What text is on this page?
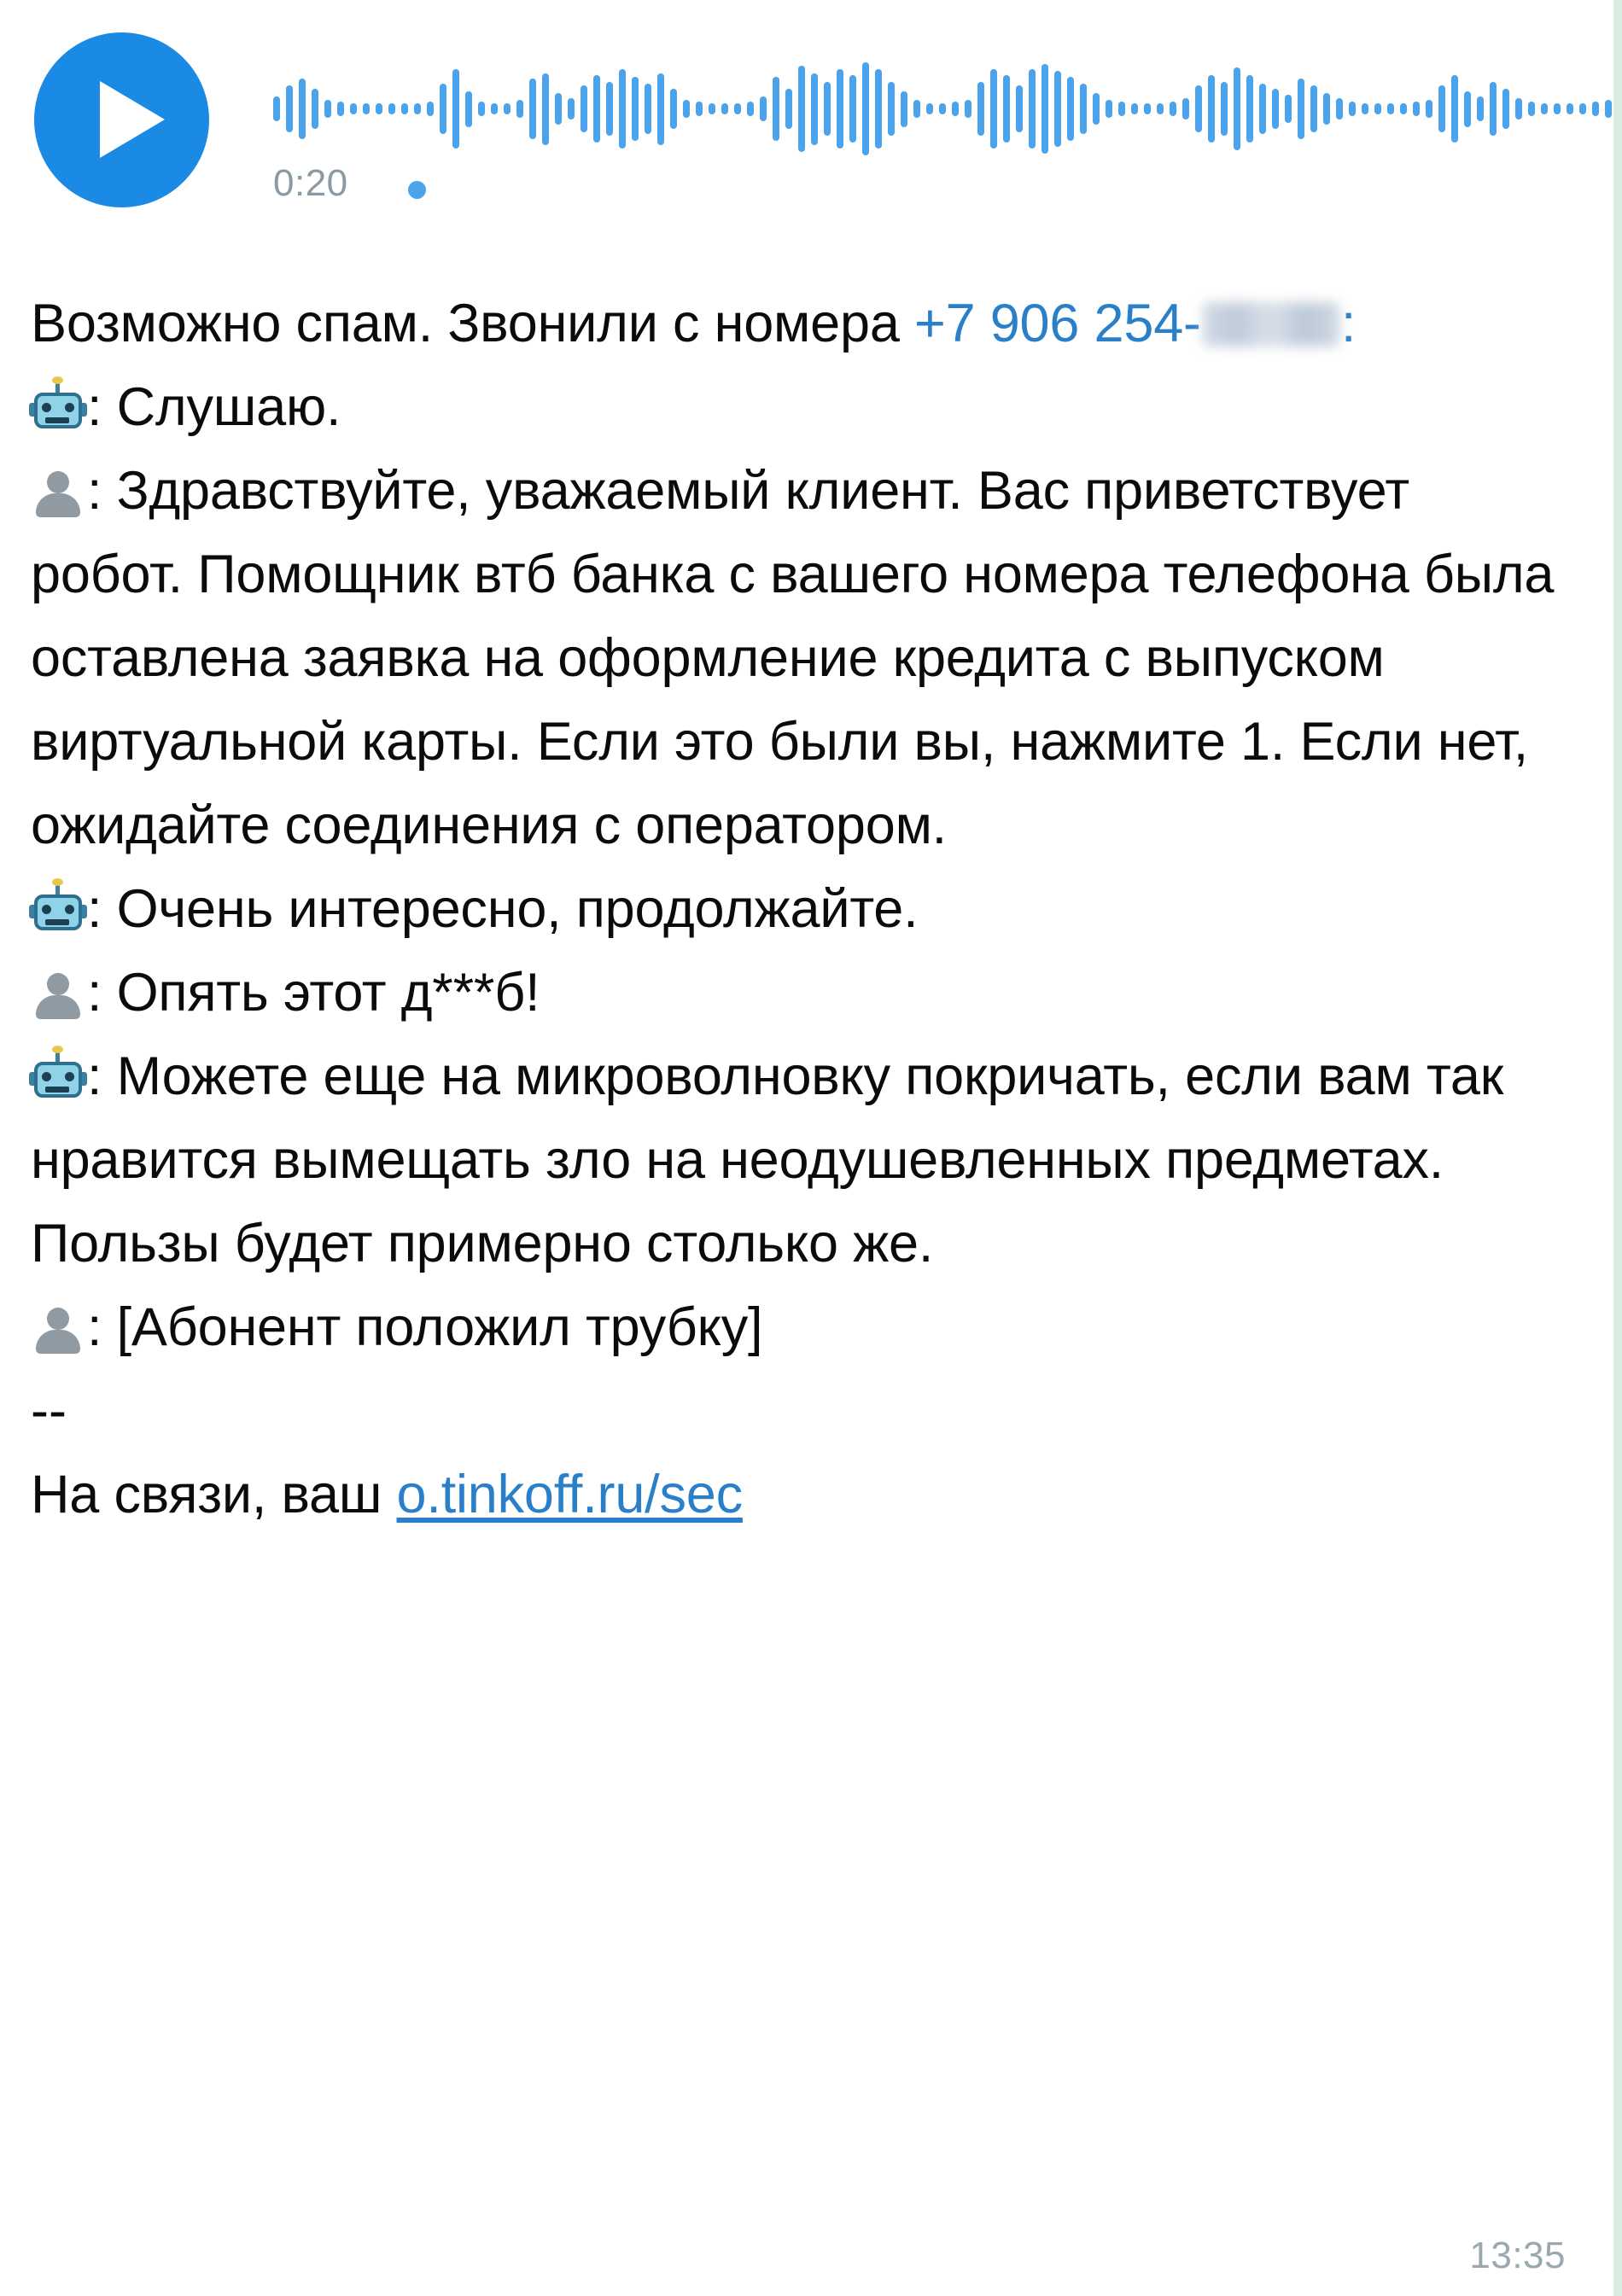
0:20

Возможно спам. Звонили с номера +7 906 254-	:

: Слушаю.

: Здравствуйте, уважаемый клиент. Вас приветствует робот. Помощник втб банка с вашего номера телефона была оставлена заявка на оформление кредита с выпуском виртуальной карты. Если это были вы, нажмите 1. Если нет, ожидайте соединения с оператором.

: Очень интересно, продолжайте.

: Опять этот д***б!

: Можете еще на микроволновку покричать, если вам так нравится вымещать зло на неодушевленных предметах. Пользы будет примерно столько же.

: [Абонент положил трубку]

--

На связи, ваш o.tinkoff.ru/sec

13:35
